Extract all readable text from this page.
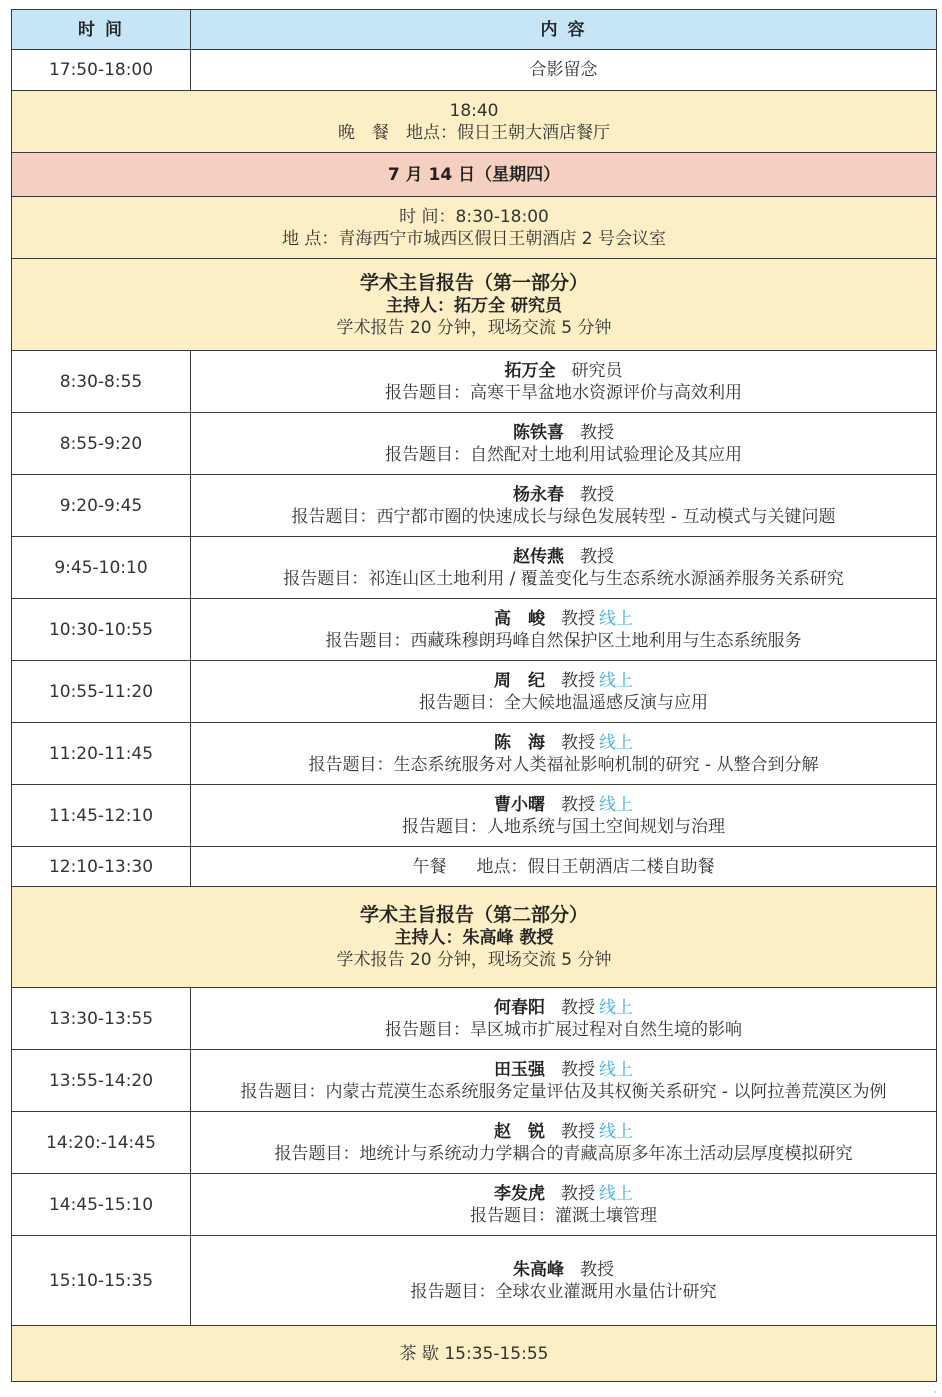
时 间	内 容
17:50-18:00	合影留念

18:40
晚　餐　地点：假日王朝大酒店餐厅	

7 月 14 日（星期四）	

时 间：8:30-18:00
地 点：青海西宁市城西区假日王朝酒店 2 号会议室	

学术主旨报告（第一部分）
主持人：拓万全 研究员
学术报告 20 分钟，现场交流 5 分钟	

8:30-8:55	拓万全 研究员
报告题目：高寒干旱盆地水资源评价与高效利用

8:55-9:20	陈铁喜 教授
报告题目：自然配对土地利用试验理论及其应用

9:20-9:45	杨永春 教授
报告题目：西宁都市圈的快速成长与绿色发展转型 - 互动模式与关键问题

9:45-10:10	赵传燕 教授
报告题目：祁连山区土地利用 / 覆盖变化与生态系统水源涵养服务关系研究

10:30-10:55	高　峻 教授 线上
报告题目：西藏珠穆朗玛峰自然保护区土地利用与生态系统服务

10:55-11:20	周　纪 教授 线上
报告题目：全大候地温遥感反演与应用

11:20-11:45	陈　海 教授 线上
报告题目：生态系统服务对人类福祉影响机制的研究 - 从整合到分解

11:45-12:10	曹小曙 教授 线上
报告题目：人地系统与国土空间规划与治理

12:10-13:30	午餐 地点：假日王朝酒店二楼自助餐

学术主旨报告（第二部分）
主持人：朱高峰 教授
学术报告 20 分钟，现场交流 5 分钟	

13:30-13:55	何春阳 教授 线上
报告题目：旱区城市扩展过程对自然生境的影响

13:55-14:20	田玉强 教授 线上
报告题目：内蒙古荒漠生态系统服务定量评估及其权衡关系研究 - 以阿拉善荒漠区为例

14:20:-14:45	赵　锐 教授 线上
报告题目：地统计与系统动力学耦合的青藏高原多年冻土活动层厚度模拟研究

14:45-15:10	李发虎 教授 线上
报告题目：灌溉土壤管理

15:10-15:35	朱高峰 教授
报告题目：全球农业灌溉用水量估计研究

茶 歇 15:35-15:55	
·
